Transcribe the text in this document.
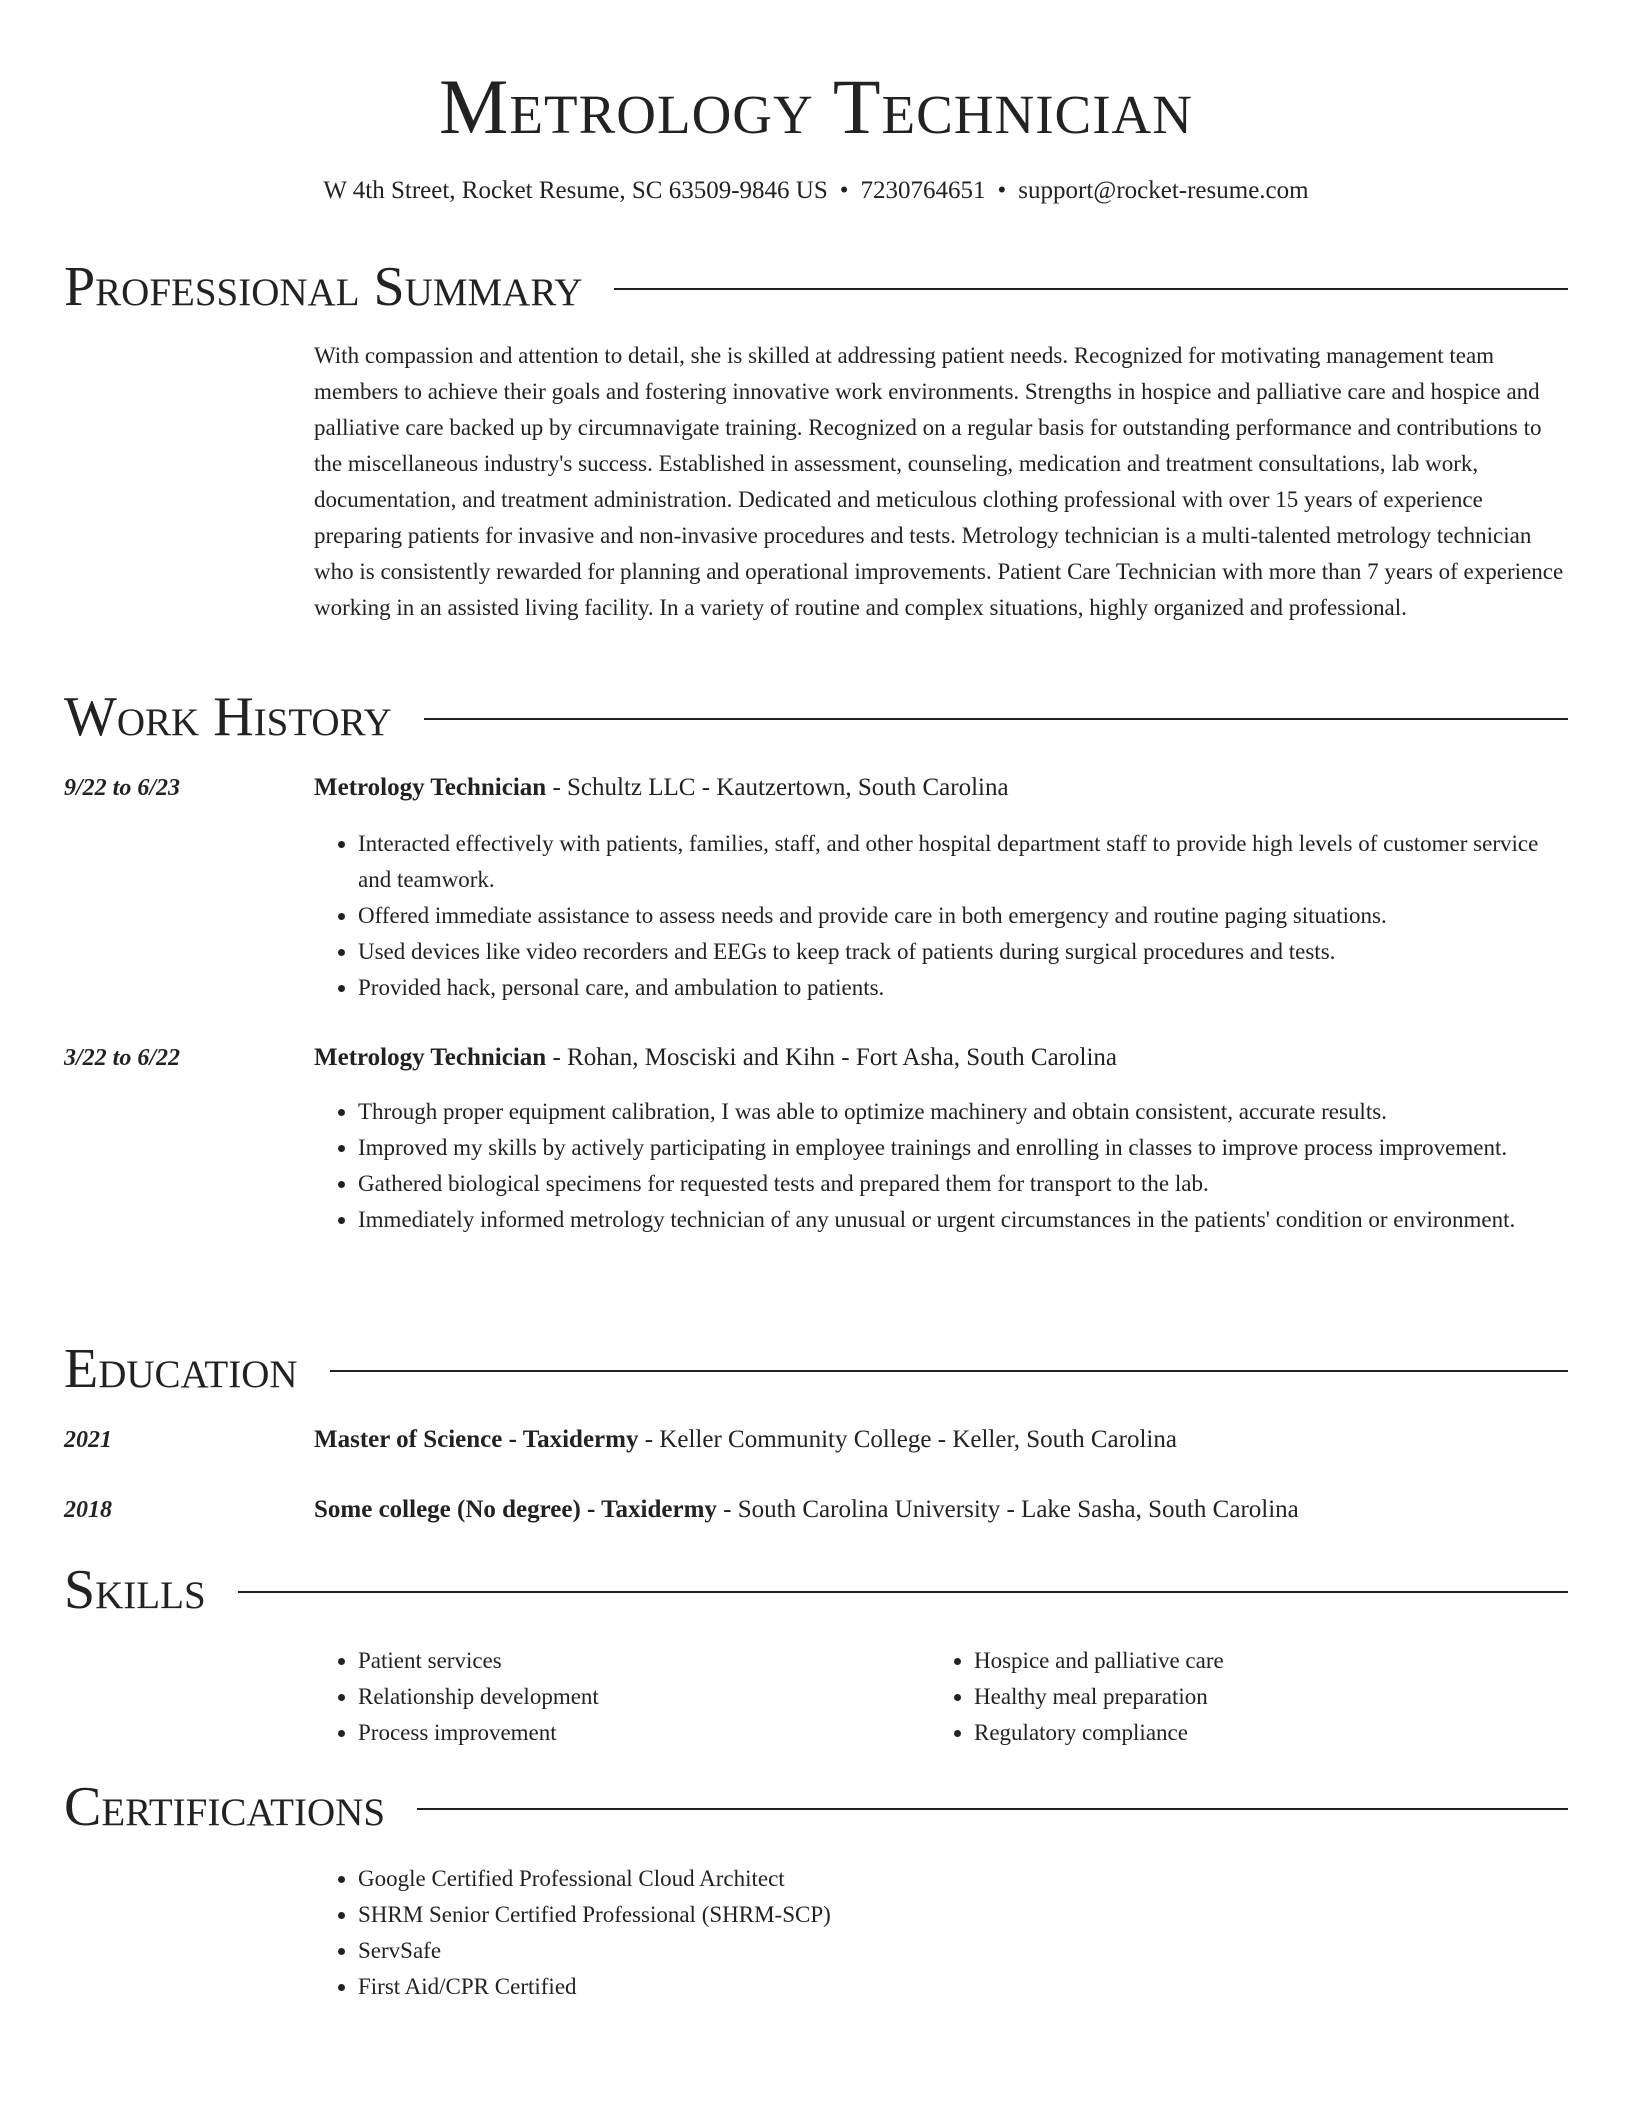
Metrology Technician
W 4th Street, Rocket Resume, SC 63509-9846 US • 7230764651 • support@rocket-resume.com
Professional Summary

With compassion and attention to detail, she is skilled at addressing patient needs. Recognized for motivating management team members to achieve their goals and fostering innovative work environments. Strengths in hospice and palliative care and hospice and palliative care backed up by circumnavigate training. Recognized on a regular basis for outstanding performance and contributions to the miscellaneous industry's success. Established in assessment, counseling, medication and treatment consultations, lab work, documentation, and treatment administration. Dedicated and meticulous clothing professional with over 15 years of experience preparing patients for invasive and non-invasive procedures and tests. Metrology technician is a multi-talented metrology technician who is consistently rewarded for planning and operational improvements. Patient Care Technician with more than 7 years of experience working in an assisted living facility. In a variety of routine and complex situations, highly organized and professional.

Work History
9/22 to 6/23	Metrology Technician - Schultz LLC - Kautzertown, South Carolina
• Interacted effectively with patients, families, staff, and other hospital department staff to provide high levels of customer service and teamwork.
• Offered immediate assistance to assess needs and provide care in both emergency and routine paging situations.
• Used devices like video recorders and EEGs to keep track of patients during surgical procedures and tests.
• Provided hack, personal care, and ambulation to patients.
3/22 to 6/22	Metrology Technician - Rohan, Mosciski and Kihn - Fort Asha, South Carolina
• Through proper equipment calibration, I was able to optimize machinery and obtain consistent, accurate results.
• Improved my skills by actively participating in employee trainings and enrolling in classes to improve process improvement.
• Gathered biological specimens for requested tests and prepared them for transport to the lab.
• Immediately informed metrology technician of any unusual or urgent circumstances in the patients' condition or environment.
Education
2021	Master of Science - Taxidermy - Keller Community College - Keller, South Carolina
2018	Some college (No degree) - Taxidermy - South Carolina University - Lake Sasha, South Carolina
Skills
• Patient services
• Relationship development
• Process improvement
• Hospice and palliative care
• Healthy meal preparation
• Regulatory compliance
Certifications
• Google Certified Professional Cloud Architect
• SHRM Senior Certified Professional (SHRM-SCP)
• ServSafe
• First Aid/CPR Certified
